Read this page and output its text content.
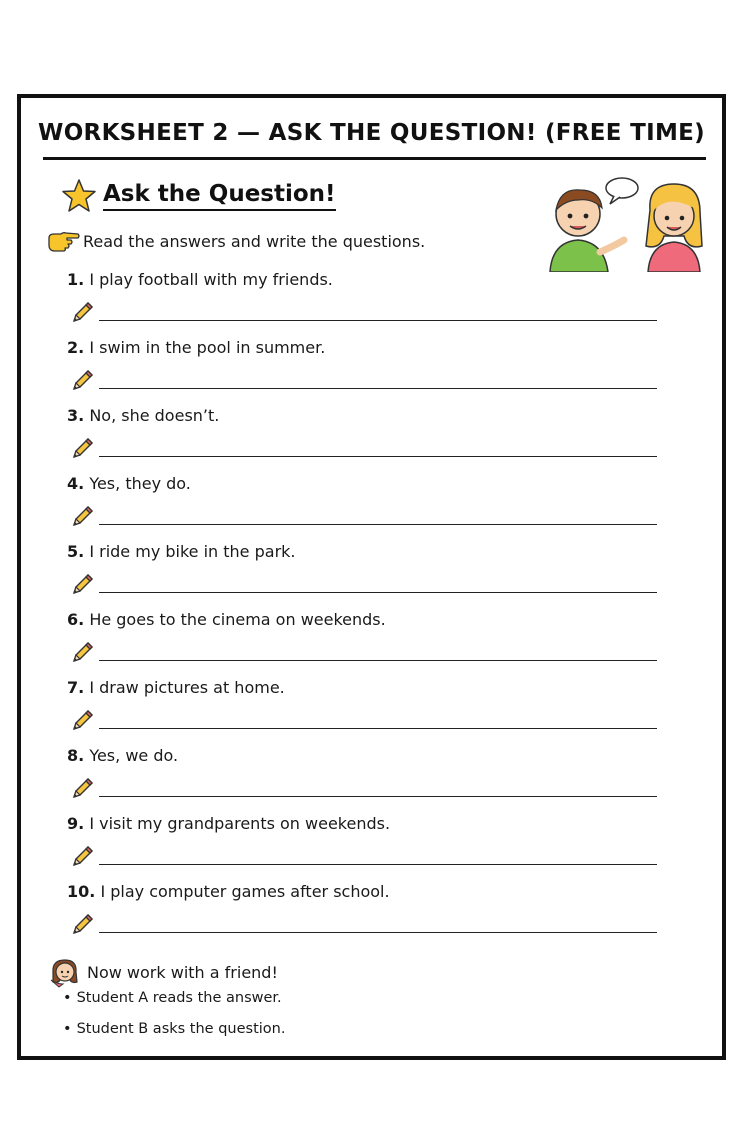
WORKSHEET 2 — ASK THE QUESTION! (FREE TIME)
Ask the Question!
Read the answers and write the questions.
1. I play football with my friends.
2. I swim in the pool in summer.
3. No, she doesn’t.
4. Yes, they do.
5. I ride my bike in the park.
6. He goes to the cinema on weekends.
7. I draw pictures at home.
8. Yes, we do.
9. I visit my grandparents on weekends.
10. I play computer games after school.
Now work with a friend!
• Student A reads the answer.
• Student B asks the question.
